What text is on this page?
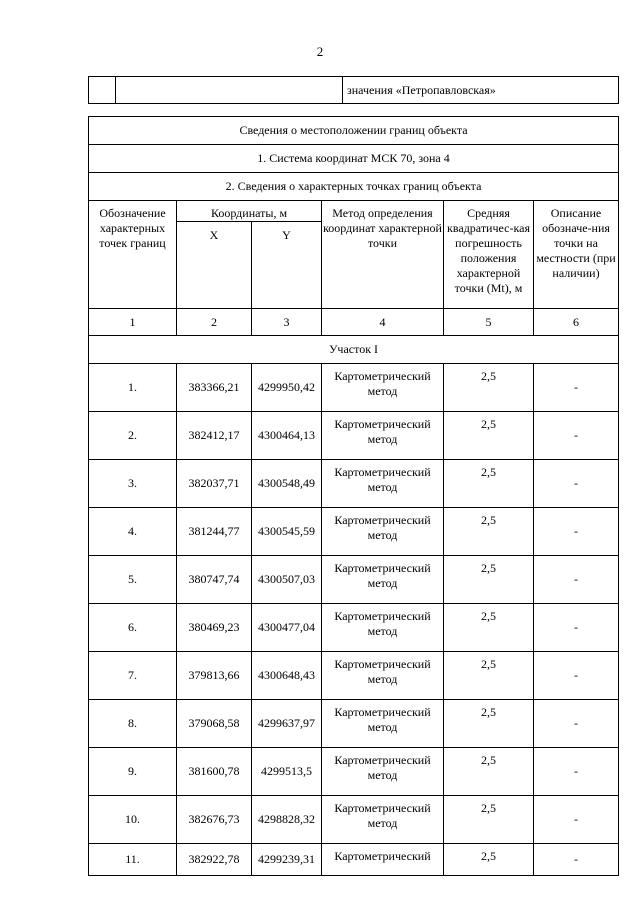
2
		значения «Петропавловская»
Сведения о местоположении границ объекта					
1. Система координат МСК 70, зона 4					
2. Сведения о характерных точках границ объекта					
Обозначение характерных точек границ	Координаты, м		Метод определения координат характерной точки	Средняя квадратичес-кая погрешность положения характерной точки (Mt), м	Описание обозначе-ния точки на местности (при наличии)
	X	Y			
1	2	3	4	5	6
Участок I					
1.	383366,21	4299950,42	Картометрический метод	2,5	-
2.	382412,17	4300464,13	Картометрический метод	2,5	-
3.	382037,71	4300548,49	Картометрический метод	2,5	-
4.	381244,77	4300545,59	Картометрический метод	2,5	-
5.	380747,74	4300507,03	Картометрический метод	2,5	-
6.	380469,23	4300477,04	Картометрический метод	2,5	-
7.	379813,66	4300648,43	Картометрический метод	2,5	-
8.	379068,58	4299637,97	Картометрический метод	2,5	-
9.	381600,78	4299513,5	Картометрический метод	2,5	-
10.	382676,73	4298828,32	Картометрический метод	2,5	-
11.	382922,78	4299239,31	Картометрический	2,5	-
